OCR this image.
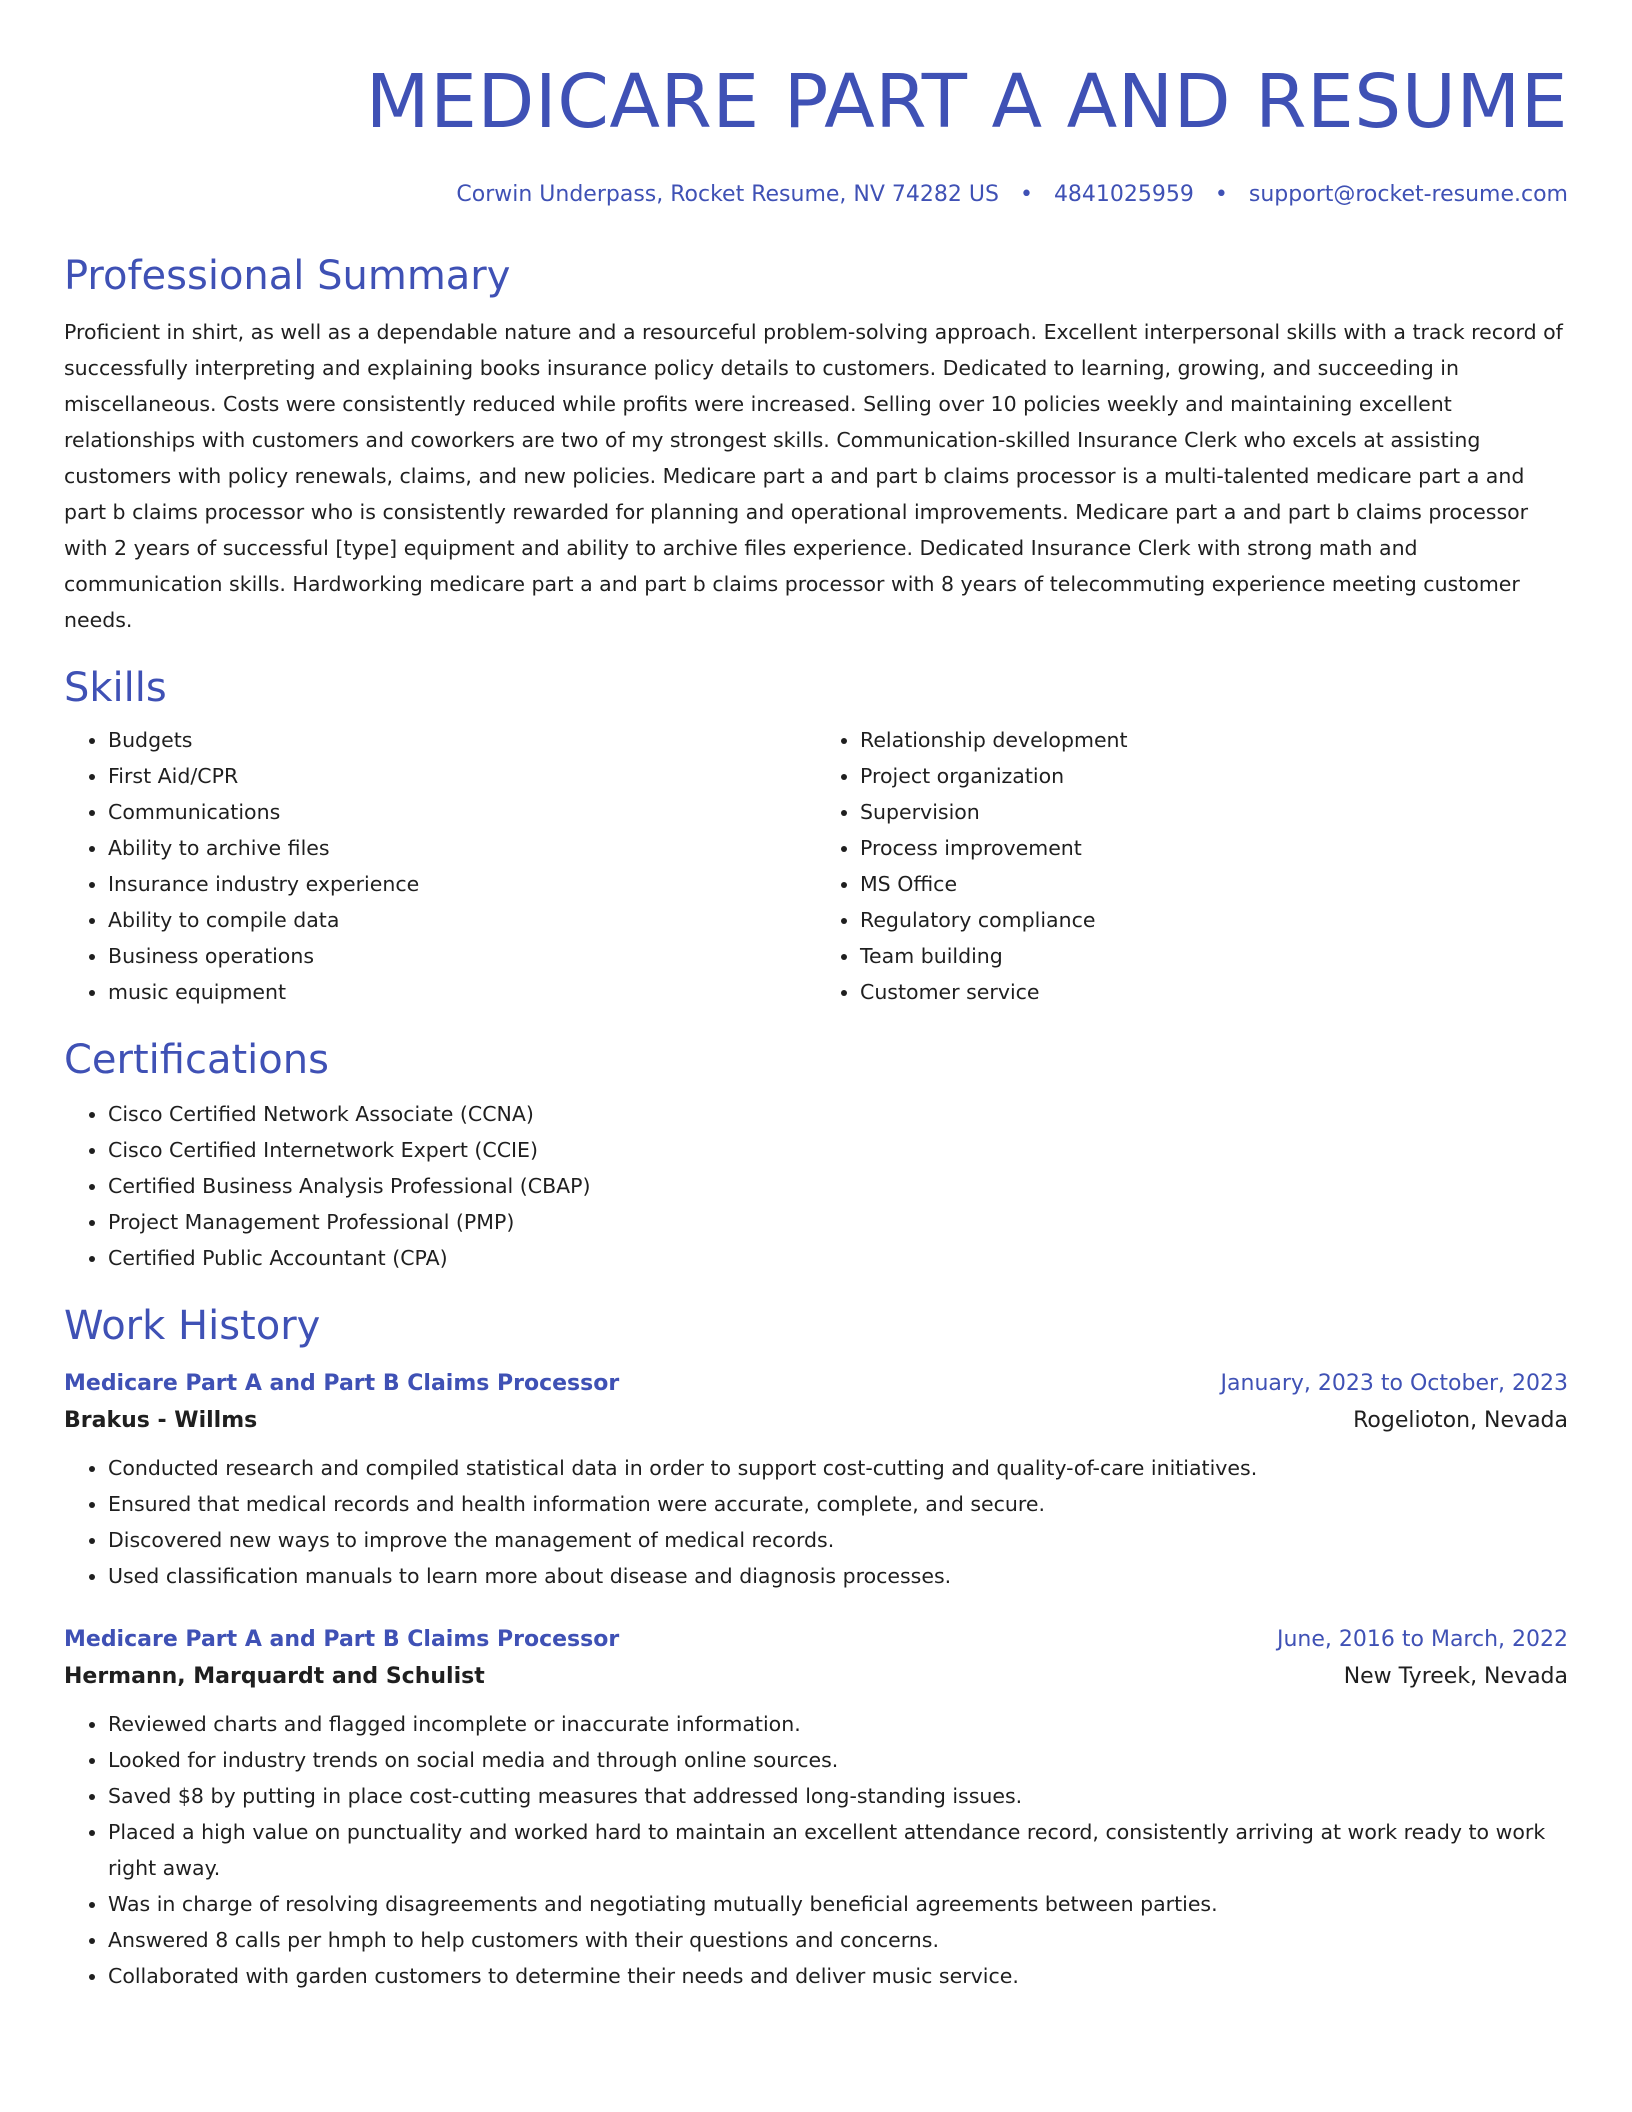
MEDICARE PART A AND RESUME
Corwin Underpass, Rocket Resume, NV 74282 US • 4841025959 • support@rocket-resume.com
Professional Summary
Proficient in shirt, as well as a dependable nature and a resourceful problem-solving approach. Excellent interpersonal skills with a track record of successfully interpreting and explaining books insurance policy details to customers. Dedicated to learning, growing, and succeeding in miscellaneous. Costs were consistently reduced while profits were increased. Selling over 10 policies weekly and maintaining excellent relationships with customers and coworkers are two of my strongest skills. Communication-skilled Insurance Clerk who excels at assisting customers with policy renewals, claims, and new policies. Medicare part a and part b claims processor is a multi-talented medicare part a and part b claims processor who is consistently rewarded for planning and operational improvements. Medicare part a and part b claims processor with 2 years of successful [type] equipment and ability to archive files experience. Dedicated Insurance Clerk with strong math and communication skills. Hardworking medicare part a and part b claims processor with 8 years of telecommuting experience meeting customer needs.
Skills
• Budgets
• First Aid/CPR
• Communications
• Ability to archive files
• Insurance industry experience
• Ability to compile data
• Business operations
• music equipment
• Relationship development
• Project organization
• Supervision
• Process improvement
• MS Office
• Regulatory compliance
• Team building
• Customer service
Certifications
• Cisco Certified Network Associate (CCNA)
• Cisco Certified Internetwork Expert (CCIE)
• Certified Business Analysis Professional (CBAP)
• Project Management Professional (PMP)
• Certified Public Accountant (CPA)
Work History
Medicare Part A and Part B Claims Processor	January, 2023 to October, 2023
Brakus - Willms	Rogelioton, Nevada
• Conducted research and compiled statistical data in order to support cost-cutting and quality-of-care initiatives.
• Ensured that medical records and health information were accurate, complete, and secure.
• Discovered new ways to improve the management of medical records.
• Used classification manuals to learn more about disease and diagnosis processes.
Medicare Part A and Part B Claims Processor	June, 2016 to March, 2022
Hermann, Marquardt and Schulist	New Tyreek, Nevada
• Reviewed charts and flagged incomplete or inaccurate information.
• Looked for industry trends on social media and through online sources.
• Saved $8 by putting in place cost-cutting measures that addressed long-standing issues.
• Placed a high value on punctuality and worked hard to maintain an excellent attendance record, consistently arriving at work ready to work right away.
• Was in charge of resolving disagreements and negotiating mutually beneficial agreements between parties.
• Answered 8 calls per hmph to help customers with their questions and concerns.
• Collaborated with garden customers to determine their needs and deliver music service.
